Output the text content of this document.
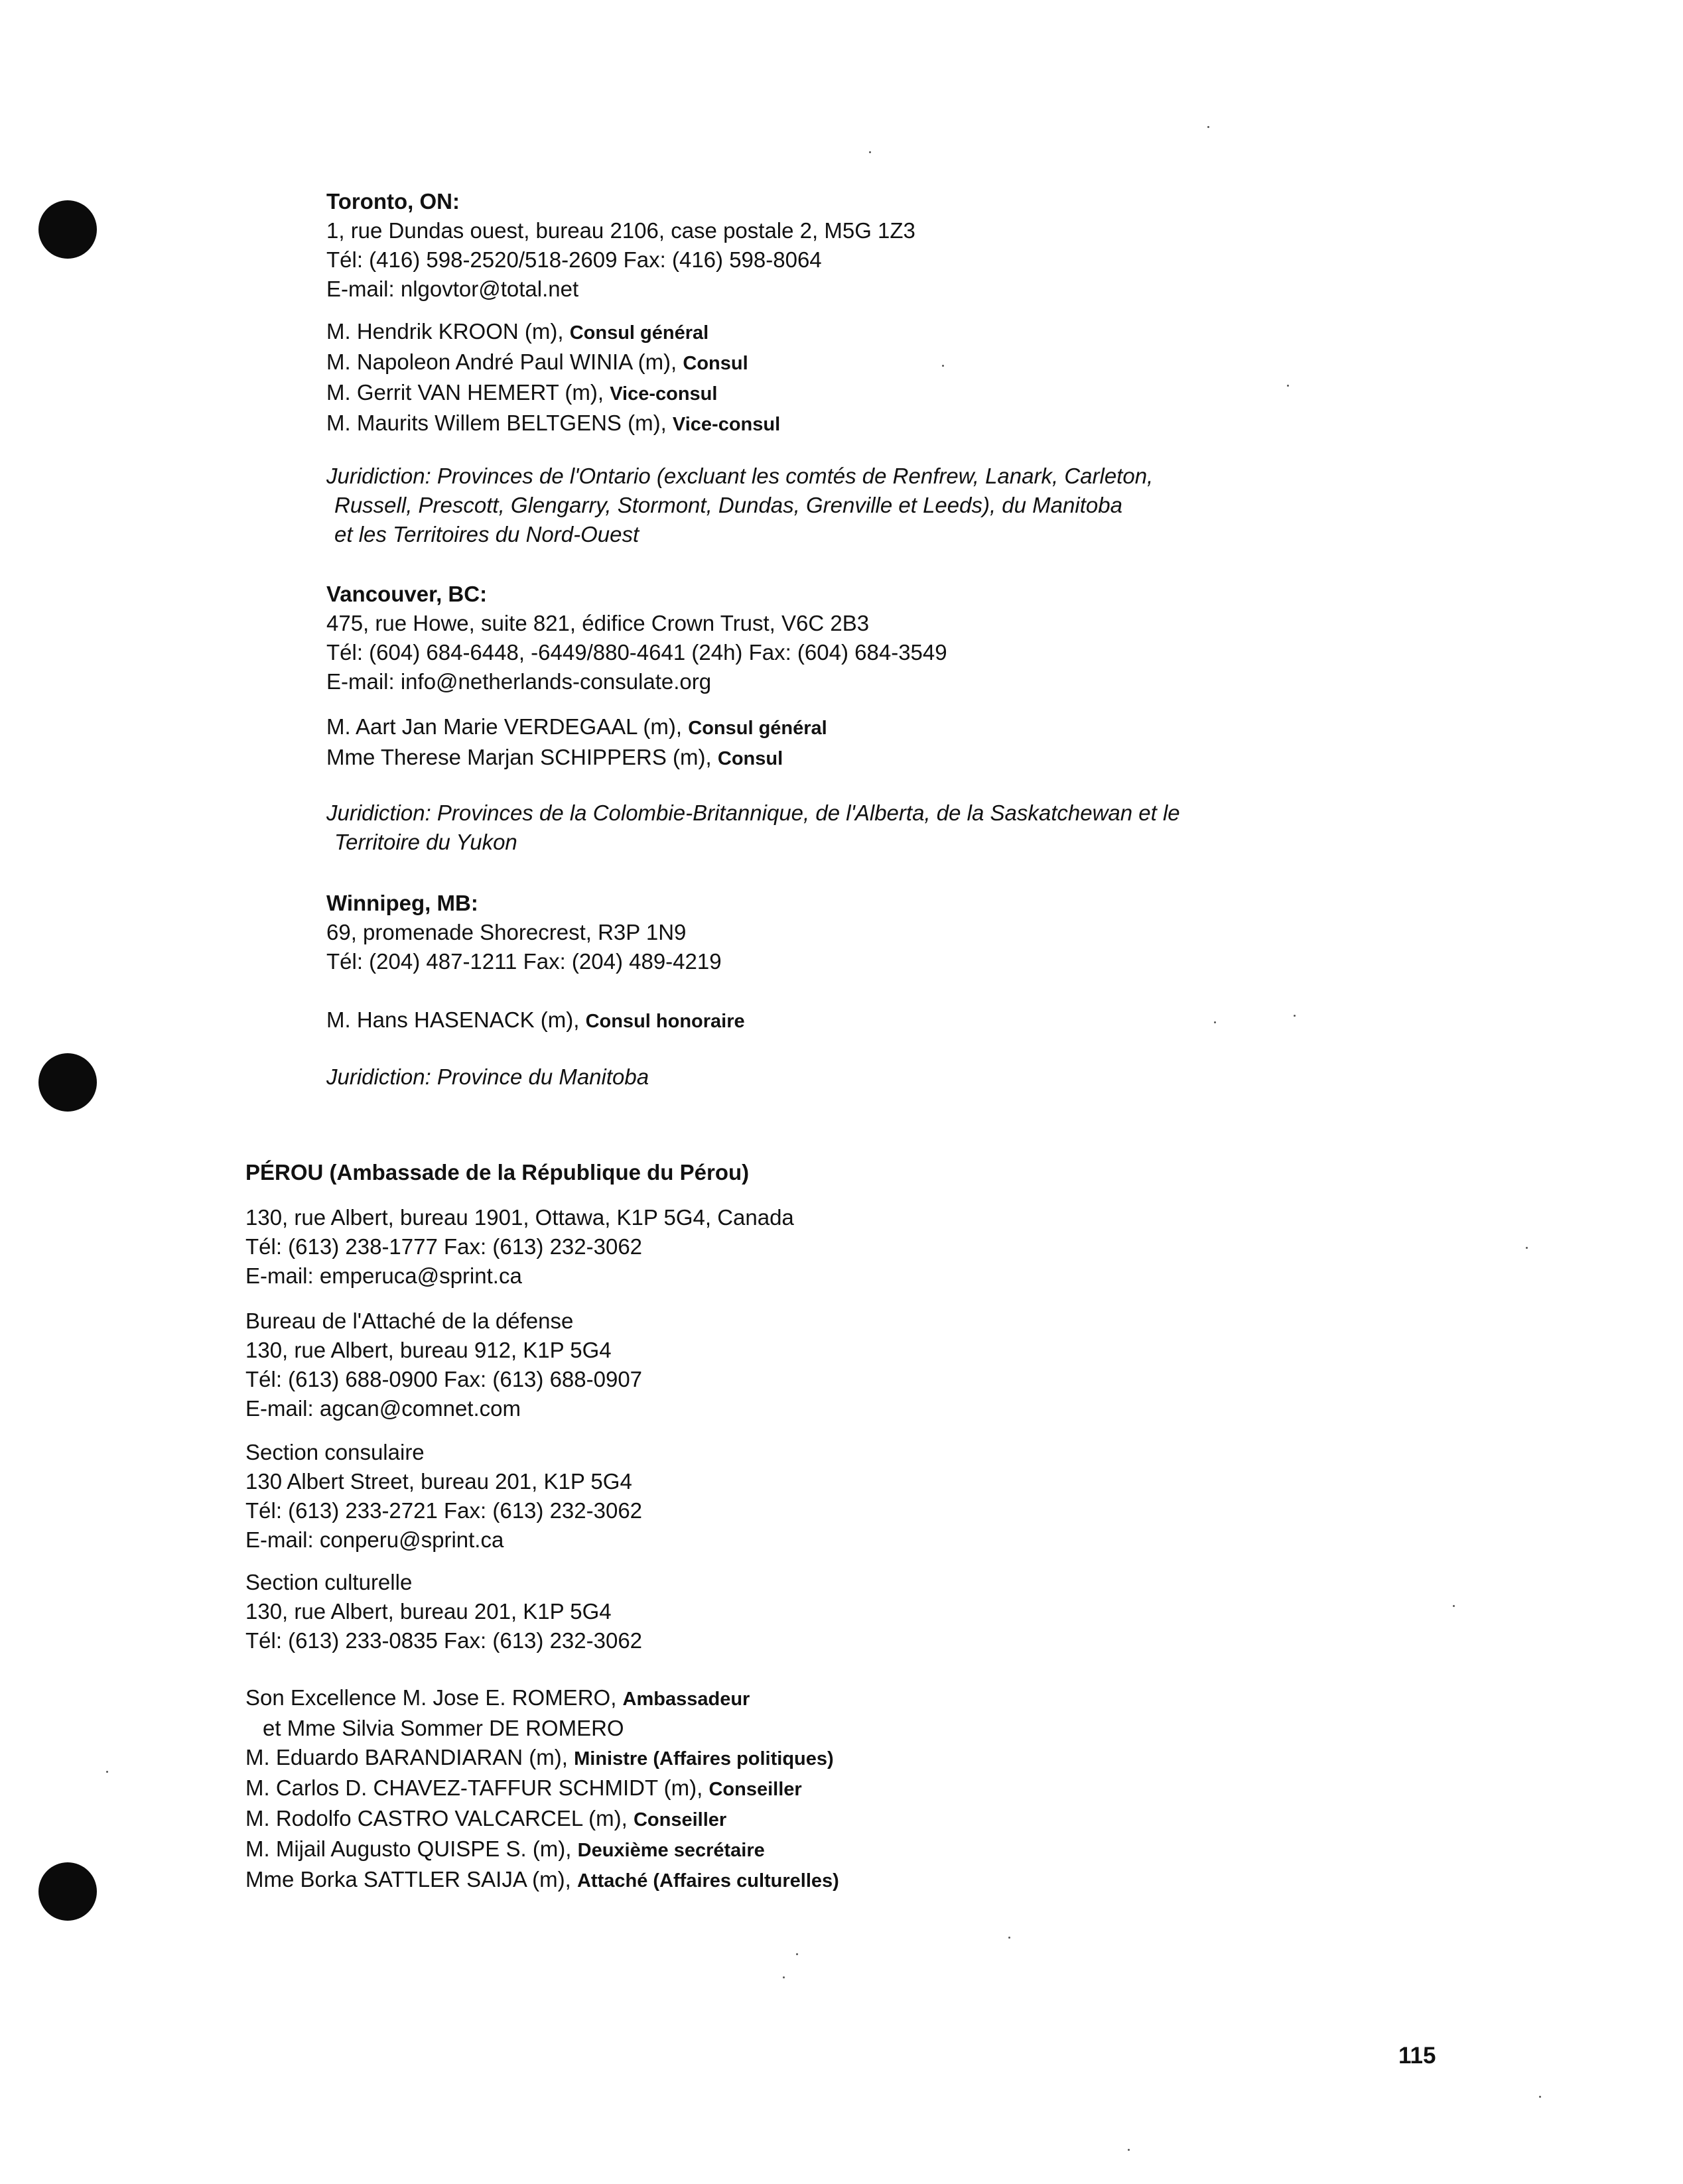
Toronto, ON:
1, rue Dundas ouest, bureau 2106, case postale 2, M5G 1Z3
Tél: (416) 598-2520/518-2609 Fax: (416) 598-8064
E-mail: nlgovtor@total.net
M. Hendrik KROON (m), Consul général
M. Napoleon André Paul WINIA (m), Consul
M. Gerrit VAN HEMERT (m), Vice-consul
M. Maurits Willem BELTGENS (m), Vice-consul
Juridiction: Provinces de l'Ontario (excluant les comtés de Renfrew, Lanark, Carleton,
Russell, Prescott, Glengarry, Stormont, Dundas, Grenville et Leeds), du Manitoba
et les Territoires du Nord-Ouest
Vancouver, BC:
475, rue Howe, suite 821, édifice Crown Trust, V6C 2B3
Tél: (604) 684-6448, -6449/880-4641 (24h) Fax: (604) 684-3549
E-mail: info@netherlands-consulate.org
M. Aart Jan Marie VERDEGAAL (m), Consul général
Mme Therese Marjan SCHIPPERS (m), Consul
Juridiction: Provinces de la Colombie-Britannique, de l'Alberta, de la Saskatchewan et le
Territoire du Yukon
Winnipeg, MB:
69, promenade Shorecrest, R3P 1N9
Tél: (204) 487-1211 Fax: (204) 489-4219
M. Hans HASENACK (m), Consul honoraire
Juridiction: Province du Manitoba
PÉROU (Ambassade de la République du Pérou)
130, rue Albert, bureau 1901, Ottawa, K1P 5G4, Canada
Tél: (613) 238-1777 Fax: (613) 232-3062
E-mail: emperuca@sprint.ca
Bureau de l'Attaché de la défense
130, rue Albert, bureau 912, K1P 5G4
Tél: (613) 688-0900 Fax: (613) 688-0907
E-mail: agcan@comnet.com
Section consulaire
130 Albert Street, bureau 201, K1P 5G4
Tél: (613) 233-2721 Fax: (613) 232-3062
E-mail: conperu@sprint.ca
Section culturelle
130, rue Albert, bureau 201, K1P 5G4
Tél: (613) 233-0835 Fax: (613) 232-3062
Son Excellence M. Jose E. ROMERO, Ambassadeur
et Mme Silvia Sommer DE ROMERO
M. Eduardo BARANDIARAN (m), Ministre (Affaires politiques)
M. Carlos D. CHAVEZ-TAFFUR SCHMIDT (m), Conseiller
M. Rodolfo CASTRO VALCARCEL (m), Conseiller
M. Mijail Augusto QUISPE S. (m), Deuxième secrétaire
Mme Borka SATTLER SAIJA (m), Attaché (Affaires culturelles)
115
